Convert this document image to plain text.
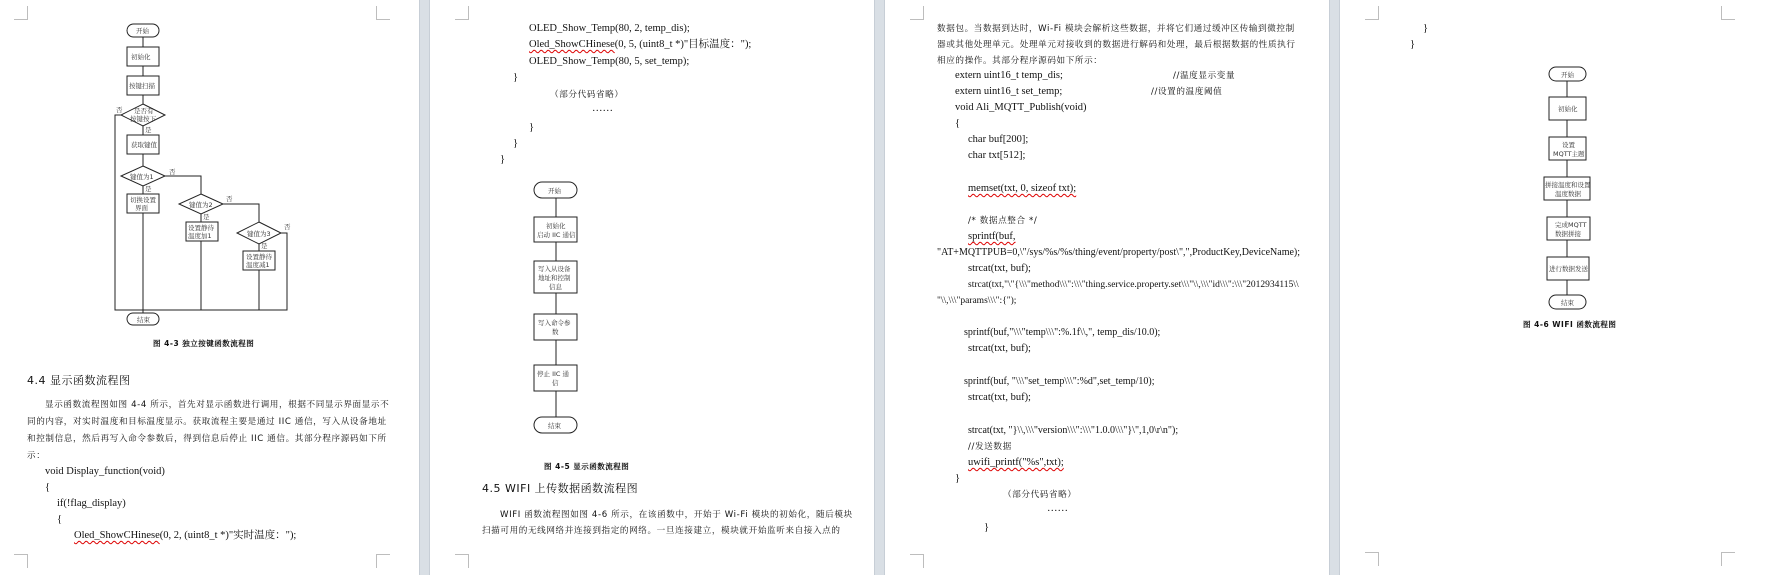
开始
初始化
按键扫描
是否有
按键按下
获取键值
键值为1
切换设置
界面	键值为2
设置静待
温度加1	键值为3
设置静待
温度减1
是
是
是
是
否
否
否
否
结束
图 4-3 独立按键函数流程图
4.4 显示函数流程图
显示函数流程图如图 4-4 所示，首先对显示函数进行调用，根据不同显示界面显示不
同的内容，对实时温度和目标温度显示。获取流程主要是通过 IIC 通信，写入从设备地址
和控制信息，然后再写入命令参数后，得到信息后停止 IIC 通信。其部分程序源码如下所
示：
void Display_function(void)
{
if(!flag_display)
{
Oled_ShowCHinese(0, 2, (uint8_t *)"实时温度：");
OLED_Show_Temp(80, 2, temp_dis);
Oled_ShowCHinese(0, 5, (uint8_t *)"目标温度：");
OLED_Show_Temp(80, 5, set_temp);
}
（部分代码省略）
……
}
}
}
开始
初始化
启动 IIC 通信
写入从设备
地址和控制
信息
写入命令参
数
停止 IIC 通
信
结束
图 4-5 显示函数流程图
4.5 WIFI 上传数据函数流程图
WIFI 函数流程图如图 4-6 所示，在该函数中，开始于 Wi-Fi 模块的初始化，随后模块
扫描可用的无线网络并连接到指定的网络。一旦连接建立，模块就开始监听来自接入点的
数据包。当数据到达时，Wi-Fi 模块会解析这些数据，并将它们通过缓冲区传输到微控制
器或其他处理单元。处理单元对接收到的数据进行解码和处理，最后根据数据的性质执行
相应的操作。其部分程序源码如下所示：
extern uint16_t temp_dis;	//温度显示变量
extern uint16_t set_temp;	//设置的温度阈值
void Ali_MQTT_Publish(void)
{
char buf[200];
char txt[512];
memset(txt, 0, sizeof txt);
/* 数据点整合 */
sprintf(buf,
"AT+MQTTPUB=0,\"/sys/%s/%s/thing/event/property/post\",",ProductKey,DeviceName);
strcat(txt, buf);
strcat(txt,"\"{\\\"method\\\":\\\"thing.service.property.set\\\"\\,\\\"id\\\":\\\"2012934115\\
"\\,\\\"params\\\":{");
sprintf(buf,"\\\"temp\\\":%.1f\\,", temp_dis/10.0);
strcat(txt, buf);
sprintf(buf, "\\\"set_temp\\\":%d",set_temp/10);
strcat(txt, buf);
strcat(txt, "}\\,\\\"version\\\":\\\"1.0.0\\\"}\",1,0\r\n");
//发送数据
uwifi_printf("%s",txt);
}
（部分代码省略）
……
}
}
}
开始
初始化
设置
MQTT主题
拼接温度和设置
温度数据
完成MQTT
数据拼接
进行数据发送
结束
图 4-6 WIFI 函数流程图
